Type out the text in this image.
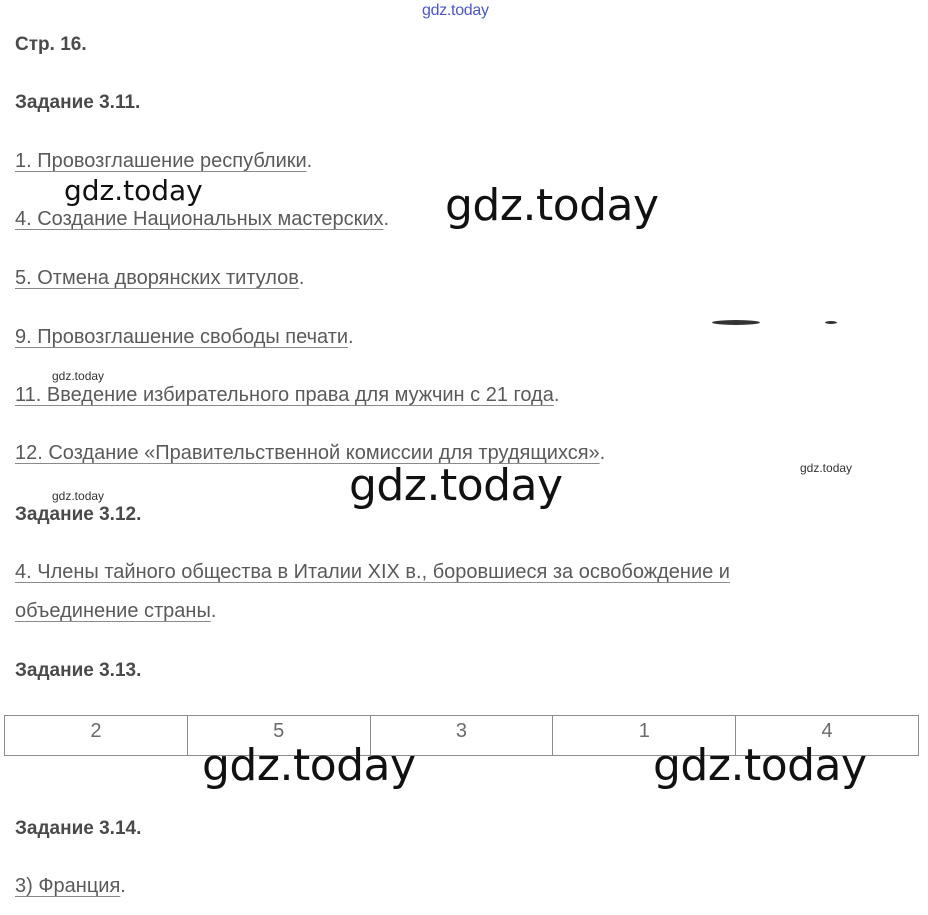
gdz.today
Стр. 16.
Задание 3.11.
1. Провозглашение республики.
4. Создание Национальных мастерских.
5. Отмена дворянских титулов.
9. Провозглашение свободы печати.
11. Введение избирательного права для мужчин с 21 года.
12. Создание «Правительственной комиссии для трудящихся».
Задание 3.12.
4. Члены тайного общества в Италии XIX в., боровшиеся за освобождение и
объединение страны.
Задание 3.13.
2	5	3	1	4
Задание 3.14.
3) Франция.
gdz.today	gdz.today
gdz.today
gdz.today
gdz.today
gdz.today
gdz.today	gdz.today
